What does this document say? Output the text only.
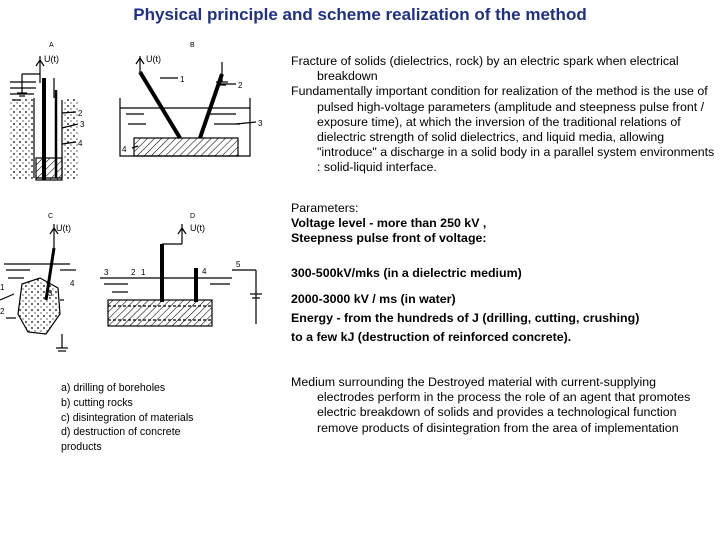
Physical principle and scheme realization of the method
A
U(t)
2
3
4
B
U(t)
1
2
3
4
C
U(t)
1
2
3
4
D
U(t)
5
1
2
3	4

Fracture of solids (dielectrics, rock) by an electric spark when electrical breakdown

Fundamentally important condition for realization of the method is the use of pulsed high-voltage parameters (amplitude and steepness pulse front / exposure time), at which the inversion of the traditional relations of dielectric strength of solid dielectrics, and liquid media, allowing "introduce" a discharge in a solid body in a parallel system environments : solid-liquid interface.

Parameters:

Voltage level - more than 250 kV ,

Steepness pulse front of voltage:

300-500kV/mks (in a dielectric medium)

2000-3000 kV / ms (in water)

Energy - from the hundreds of J (drilling, cutting, crushing)

to a few kJ (destruction of reinforced concrete).

Medium surrounding the Destroyed material with current-supplying electrodes perform in the process the role of an agent that promotes electric breakdown of solids and provides a technological function remove products of disintegration from the area of implementation

a) drilling of boreholes
b) cutting rocks
c) disintegration of materials
d) destruction of concrete
products
